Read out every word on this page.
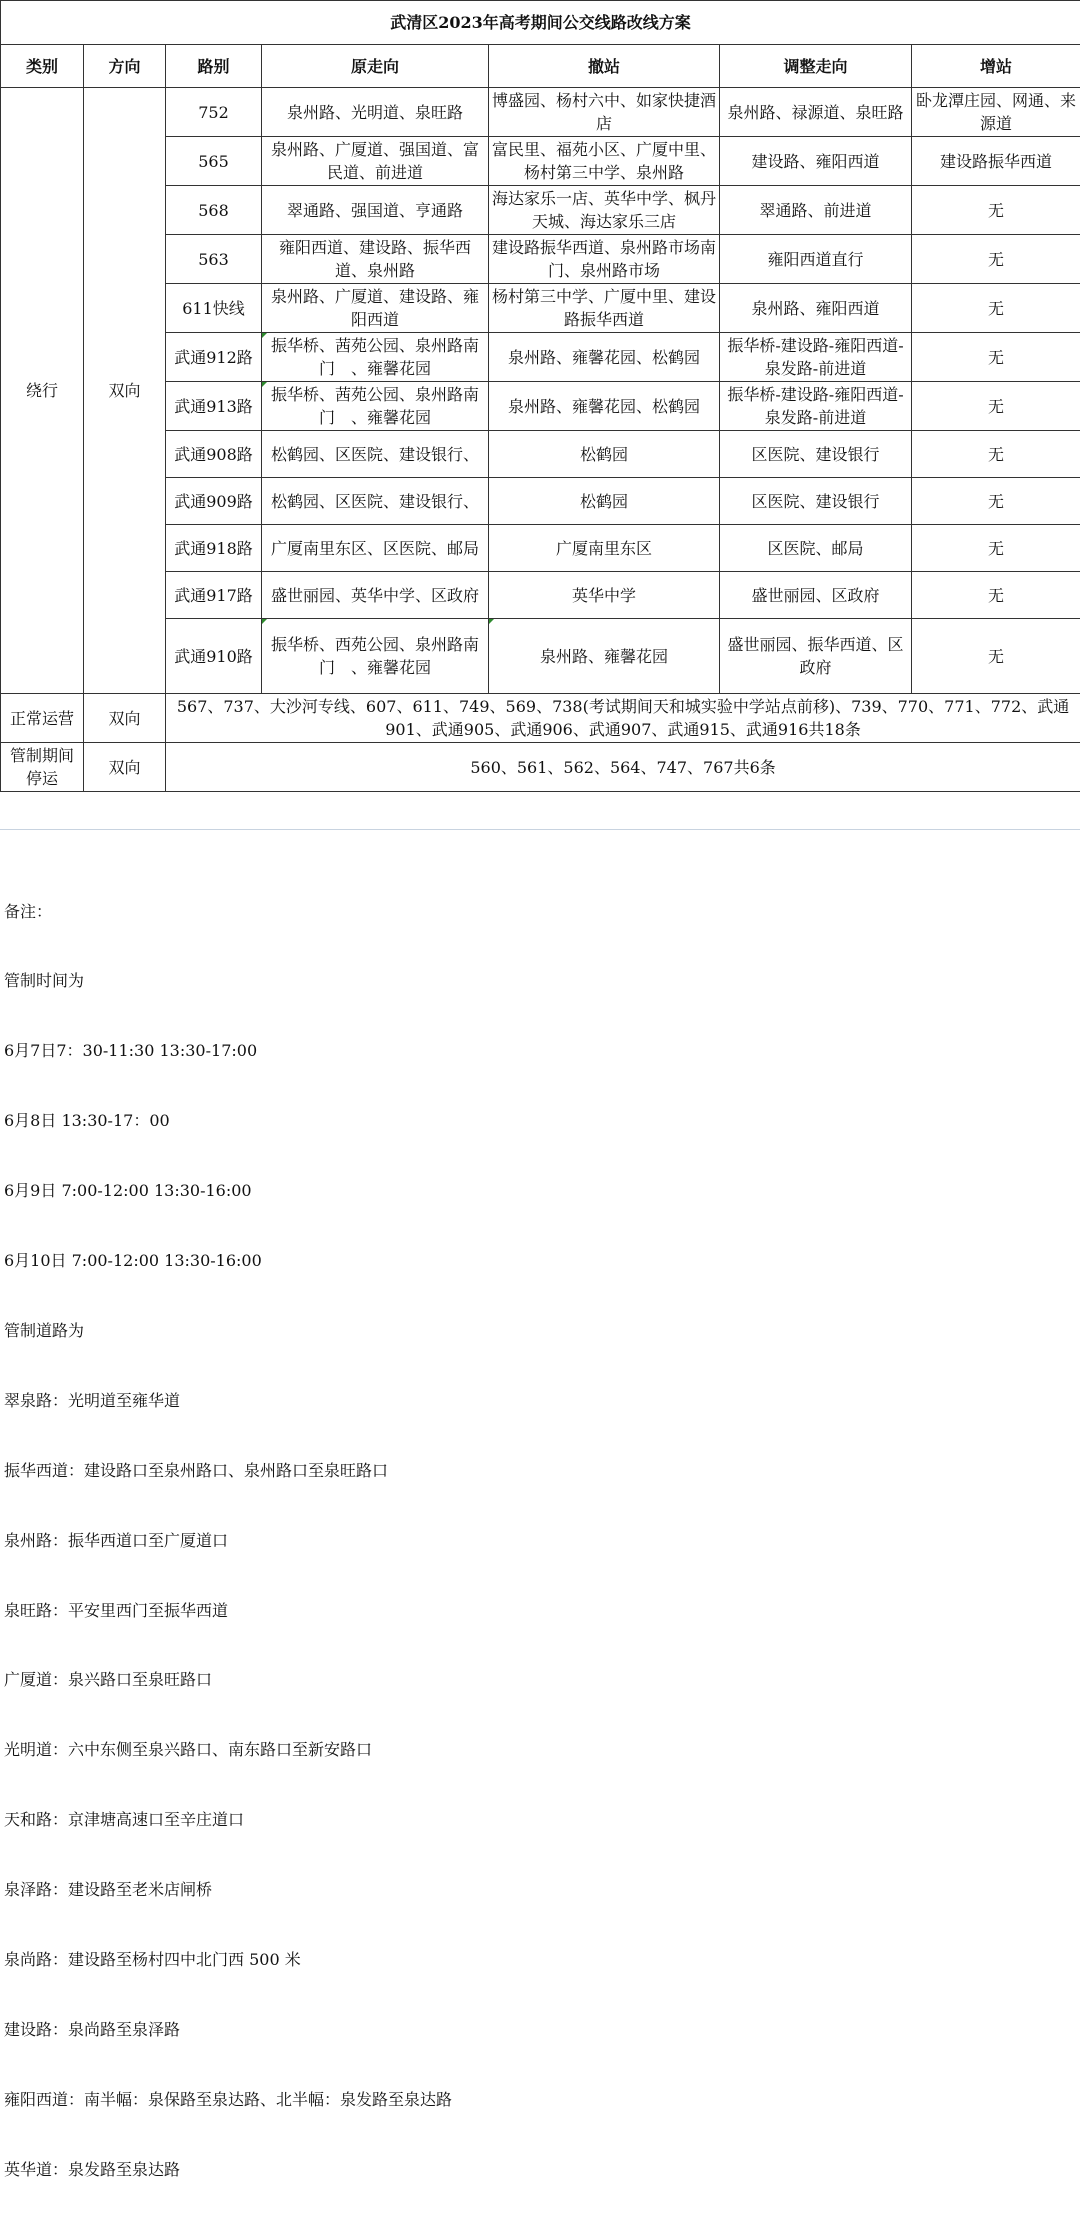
武清区2023年高考期间公交线路改线方案						
类别	方向	路别	原走向	撤站	调整走向	增站
绕行	双向	752	泉州路、光明道、泉旺路	博盛园、杨村六中、如家快捷酒店	泉州路、禄源道、泉旺路	卧龙潭庄园、网通、来源道
		565	泉州路、广厦道、强国道、富民道、前进道	富民里、福苑小区、广厦中里、杨村第三中学、泉州路	建设路、雍阳西道	建设路振华西道
		568	翠通路、强国道、亨通路	海达家乐一店、英华中学、枫丹天城、海达家乐三店	翠通路、前进道	无
		563	雍阳西道、建设路、振华西道、泉州路	建设路振华西道、泉州路市场南门、泉州路市场	雍阳西道直行	无
		611快线	泉州路、广厦道、建设路、雍阳西道	杨村第三中学、广厦中里、建设路振华西道	泉州路、雍阳西道	无
		武通912路	振华桥、茜苑公园、泉州路南门　、雍馨花园	泉州路、雍馨花园、松鹤园	振华桥-建设路-雍阳西道-泉发路-前进道	无
		武通913路	振华桥、茜苑公园、泉州路南门　、雍馨花园	泉州路、雍馨花园、松鹤园	振华桥-建设路-雍阳西道-泉发路-前进道	无
		武通908路	松鹤园、区医院、建设银行、	松鹤园	区医院、建设银行	无
		武通909路	松鹤园、区医院、建设银行、	松鹤园	区医院、建设银行	无
		武通918路	广厦南里东区、区医院、邮局	广厦南里东区	区医院、邮局	无
		武通917路	盛世丽园、英华中学、区政府	英华中学	盛世丽园、区政府	无
		武通910路	振华桥、西苑公园、泉州路南门　、雍馨花园	泉州路、雍馨花园	盛世丽园、振华西道、区政府	无
正常运营	双向	567、737、大沙河专线、607、611、749、569、738(考试期间天和城实验中学站点前移)、739、770、771、772、武通901、武通905、武通906、武通907、武通915、武通916共18条				
管制期间停运	双向	560、561、562、564、747、767共6条				

备注：

管制时间为

6月7日7：30-11:30 13:30-17:00

6月8日 13:30-17：00

6月9日 7:00-12:00 13:30-16:00

6月10日 7:00-12:00 13:30-16:00

管制道路为

翠泉路：光明道至雍华道

振华西道：建设路口至泉州路口、泉州路口至泉旺路口

泉州路：振华西道口至广厦道口

泉旺路：平安里西门至振华西道

广厦道：泉兴路口至泉旺路口

光明道：六中东侧至泉兴路口、南东路口至新安路口

天和路：京津塘高速口至辛庄道口

泉泽路：建设路至老米店闸桥

泉尚路：建设路至杨村四中北门西 500 米

建设路：泉尚路至泉泽路

雍阳西道：南半幅：泉保路至泉达路、北半幅：泉发路至泉达路

英华道：泉发路至泉达路
